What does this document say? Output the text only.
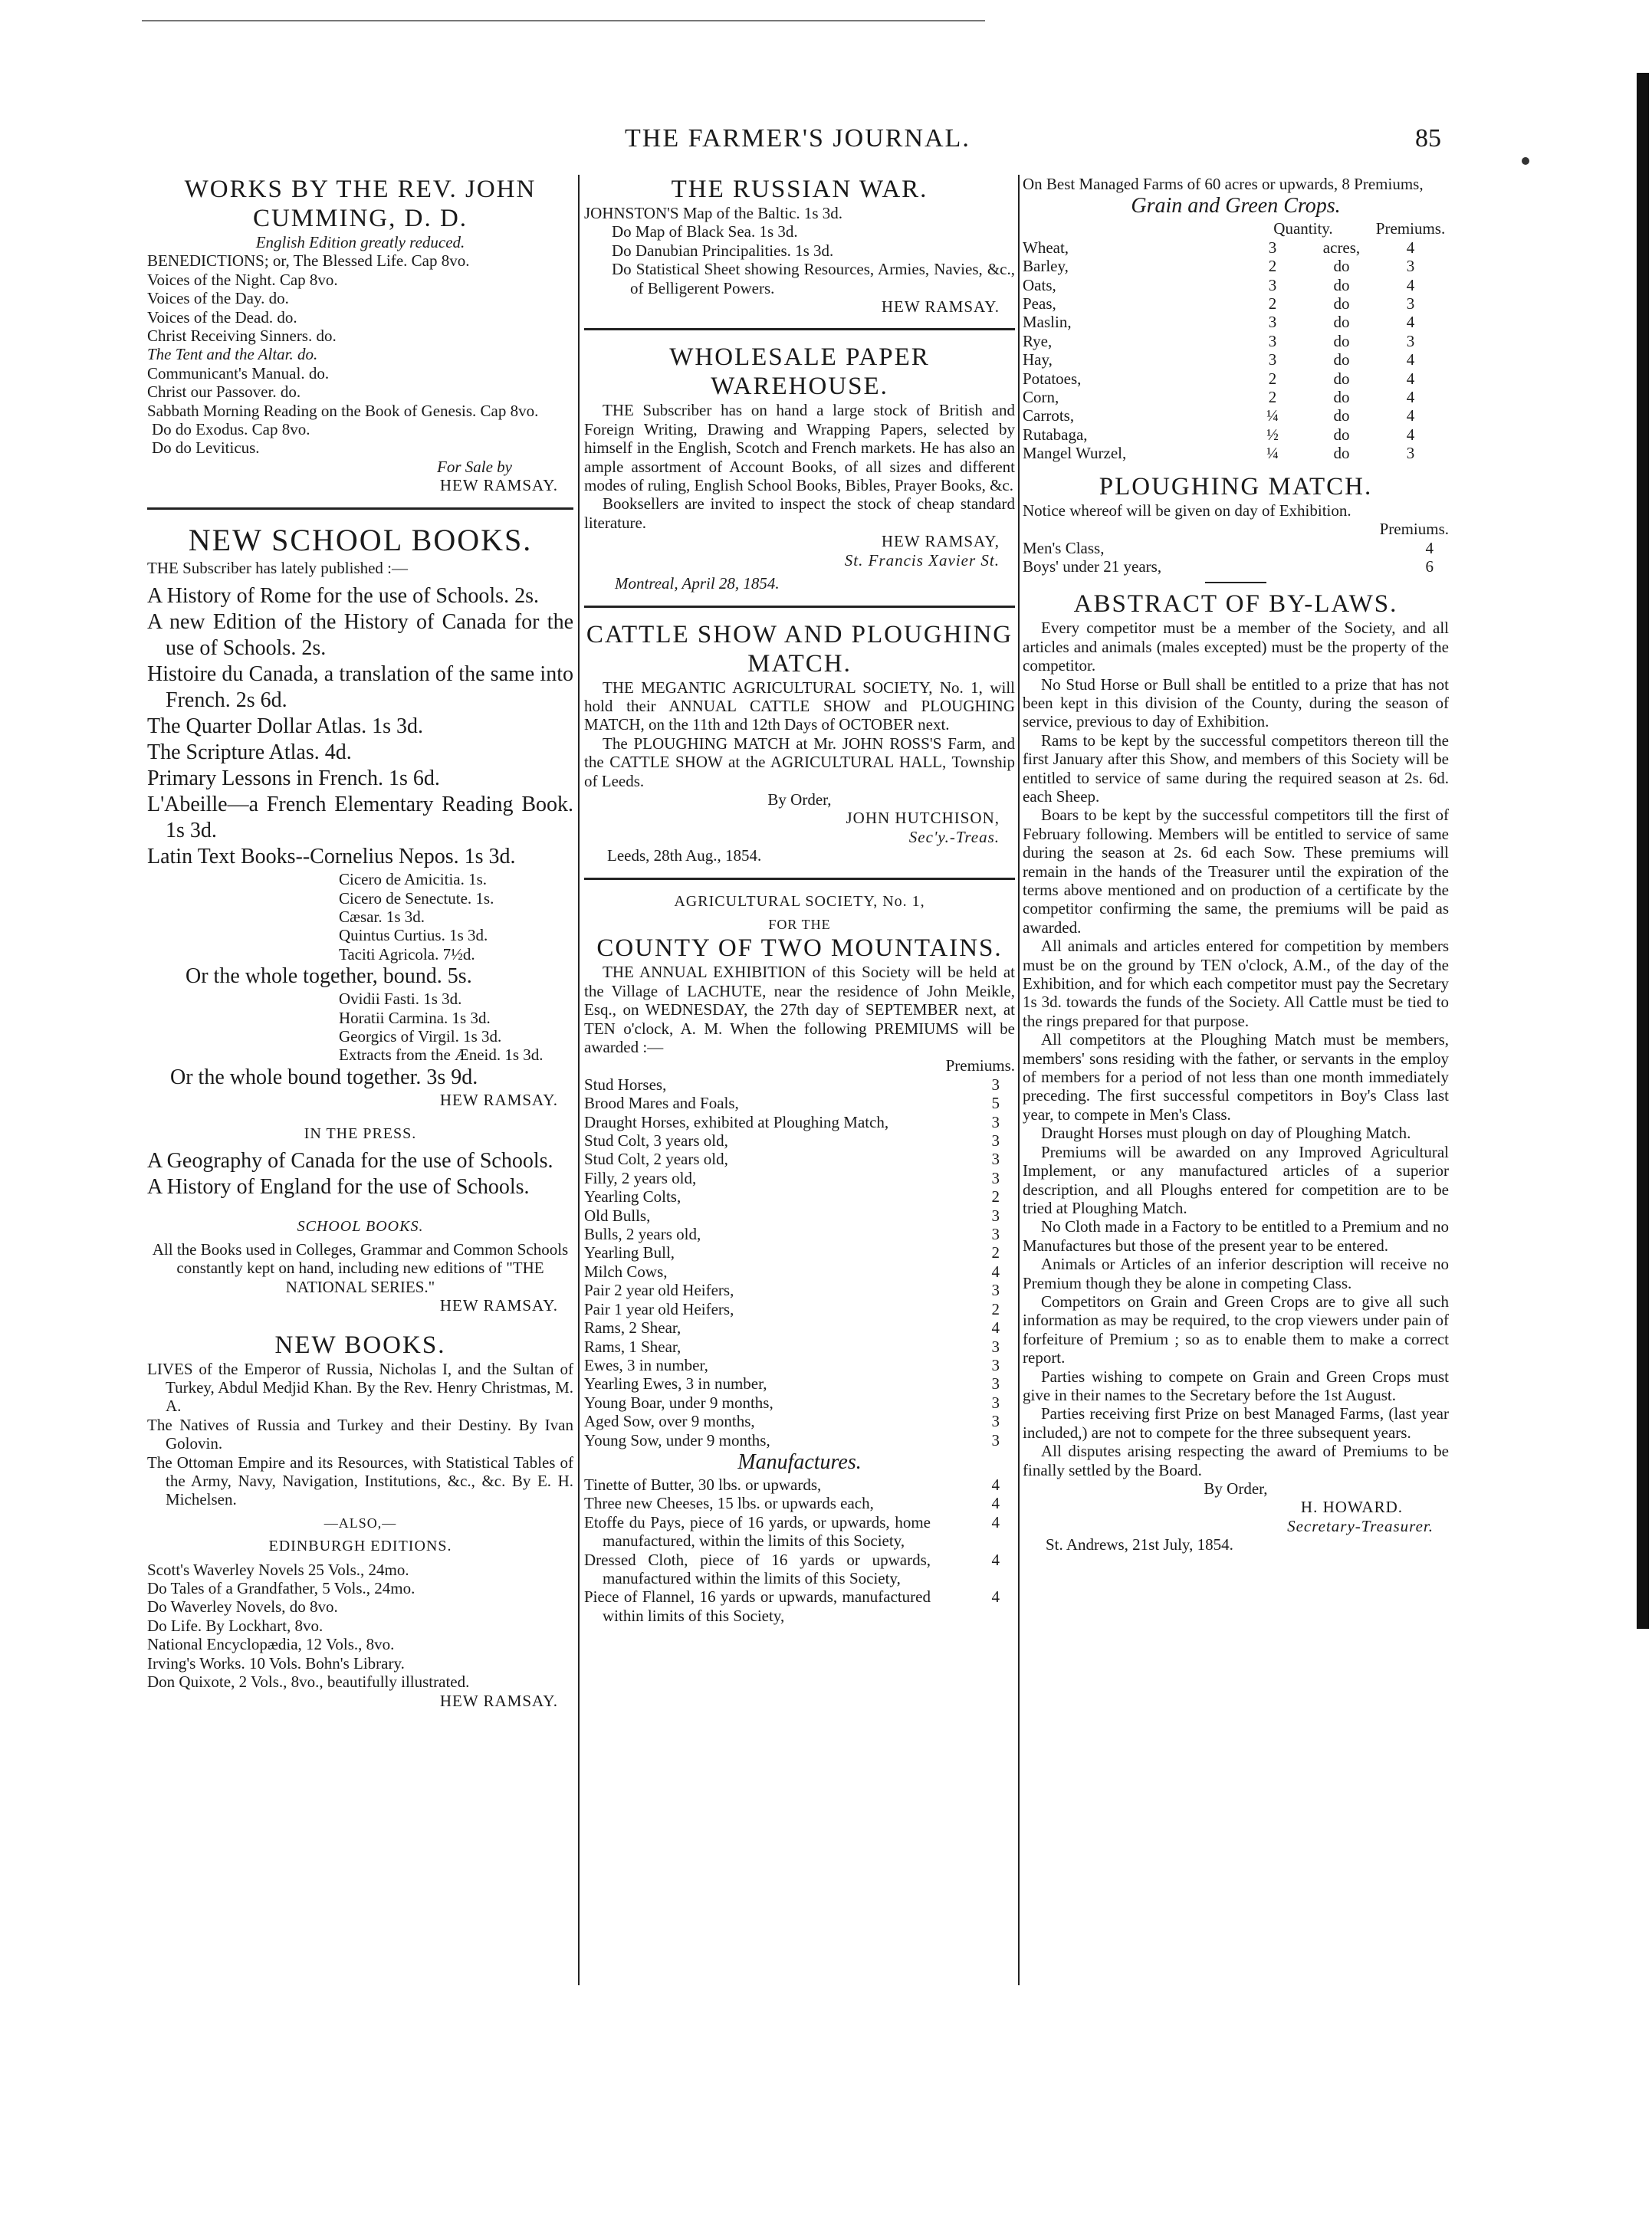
THE FARMER'S JOURNAL.	85
WORKS BY THE REV. JOHN CUMMING, D. D.
English Edition greatly reduced.

BENEDICTIONS; or, The Blessed Life. Cap 8vo.

Voices of the Night. Cap 8vo.

Voices of the Day. do.

Voices of the Dead. do.

Christ Receiving Sinners. do.

The Tent and the Altar. do.

Communicant's Manual. do.

Christ our Passover. do.

Sabbath Morning Reading on the Book of Genesis. Cap 8vo.

Do do Exodus. Cap 8vo.

Do do Leviticus.

For Sale by
HEW RAMSAY.
NEW SCHOOL BOOKS.

THE Subscriber has lately published :—

A History of Rome for the use of Schools. 2s.

A new Edition of the History of Canada for the use of Schools. 2s.

Histoire du Canada, a translation of the same into French. 2s 6d.

The Quarter Dollar Atlas. 1s 3d.

The Scripture Atlas. 4d.

Primary Lessons in French. 1s 6d.

L'Abeille—a French Elementary Reading Book. 1s 3d.

Latin Text Books--Cornelius Nepos. 1s 3d.

Cicero de Amicitia. 1s.

Cicero de Senectute. 1s.

Cæsar. 1s 3d.

Quintus Curtius. 1s 3d.

Taciti Agricola. 7½d.

Or the whole together, bound. 5s.

Ovidii Fasti. 1s 3d.

Horatii Carmina. 1s 3d.

Georgics of Virgil. 1s 3d.

Extracts from the Æneid. 1s 3d.

Or the whole bound together. 3s 9d.

HEW RAMSAY.
IN THE PRESS.

A Geography of Canada for the use of Schools.

A History of England for the use of Schools.

SCHOOL BOOKS.

All the Books used in Colleges, Grammar and Common Schools constantly kept on hand, including new editions of "THE NATIONAL SERIES."

HEW RAMSAY.
NEW BOOKS.

LIVES of the Emperor of Russia, Nicholas I, and the Sultan of Turkey, Abdul Medjid Khan. By the Rev. Henry Christmas, M. A.

The Natives of Russia and Turkey and their Destiny. By Ivan Golovin.

The Ottoman Empire and its Resources, with Statistical Tables of the Army, Navy, Navigation, Institutions, &c., &c. By E. H. Michelsen.

—ALSO,—
EDINBURGH EDITIONS.

Scott's Waverley Novels 25 Vols., 24mo.

Do Tales of a Grandfather, 5 Vols., 24mo.

Do Waverley Novels, do 8vo.

Do Life. By Lockhart, 8vo.

National Encyclopædia, 12 Vols., 8vo.

Irving's Works. 10 Vols. Bohn's Library.

Don Quixote, 2 Vols., 8vo., beautifully illustrated.

HEW RAMSAY.
THE RUSSIAN WAR.

JOHNSTON'S Map of the Baltic. 1s 3d.

Do Map of Black Sea. 1s 3d.

Do Danubian Principalities. 1s 3d.

Do Statistical Sheet showing Resources, Armies, Navies, &c., of Belligerent Powers.

HEW RAMSAY.
WHOLESALE PAPER WAREHOUSE.

THE Subscriber has on hand a large stock of British and Foreign Writing, Drawing and Wrapping Papers, selected by himself in the English, Scotch and French markets. He has also an ample assortment of Account Books, of all sizes and different modes of ruling, English School Books, Bibles, Prayer Books, &c.

Booksellers are invited to inspect the stock of cheap standard literature.

HEW RAMSAY,
St. Francis Xavier St.

Montreal, April 28, 1854.

CATTLE SHOW AND PLOUGHING MATCH.

THE MEGANTIC AGRICULTURAL SOCIETY, No. 1, will hold their ANNUAL CATTLE SHOW and PLOUGHING MATCH, on the 11th and 12th Days of OCTOBER next.

The PLOUGHING MATCH at Mr. JOHN ROSS'S Farm, and the CATTLE SHOW at the AGRICULTURAL HALL, Township of Leeds.

By Order,

JOHN HUTCHISON,
Sec'y.-Treas.

Leeds, 28th Aug., 1854.

AGRICULTURAL SOCIETY, No. 1,
FOR THE
COUNTY OF TWO MOUNTAINS.

THE ANNUAL EXHIBITION of this Society will be held at the Village of LACHUTE, near the residence of John Meikle, Esq., on WEDNESDAY, the 27th day of SEPTEMBER next, at TEN o'clock, A. M. When the following PREMIUMS will be awarded :—

Premiums.
Stud Horses,	3
Brood Mares and Foals,	5
Draught Horses, exhibited at Ploughing Match,	3
Stud Colt, 3 years old,	3
Stud Colt, 2 years old,	3
Filly, 2 years old,	3
Yearling Colts,	2
Old Bulls,	3
Bulls, 2 years old,	3
Yearling Bull,	2
Milch Cows,	4
Pair 2 year old Heifers,	3
Pair 1 year old Heifers,	2
Rams, 2 Shear,	4
Rams, 1 Shear,	3
Ewes, 3 in number,	3
Yearling Ewes, 3 in number,	3
Young Boar, under 9 months,	3
Aged Sow, over 9 months,	3
Young Sow, under 9 months,	3
Manufactures.
Tinette of Butter, 30 lbs. or upwards,	4
Three new Cheeses, 15 lbs. or upwards each,	4
Etoffe du Pays, piece of 16 yards, or upwards, home manufactured, within the limits of this Society,
4
Dressed Cloth, piece of 16 yards or upwards, manufactured within the limits of this Society,
4
Piece of Flannel, 16 yards or upwards, manufactured within limits of this Society,
4

On Best Managed Farms of 60 acres or upwards, 8 Premiums,

Grain and Green Crops.
Quantity.	Premiums.
Wheat,	3	acres,	4
Barley,	2	do	3
Oats,	3	do	4
Peas,	2	do	3
Maslin,	3	do	4
Rye,	3	do	3
Hay,	3	do	4
Potatoes,	2	do	4
Corn,	2	do	4
Carrots,	¼	do	4
Rutabaga,	½	do	4
Mangel Wurzel,	¼	do	3
PLOUGHING MATCH.

Notice whereof will be given on day of Exhibition.

Premiums.
Men's Class,	4
Boys' under 21 years,	6
ABSTRACT OF BY-LAWS.

Every competitor must be a member of the Society, and all articles and animals (males excepted) must be the property of the competitor.

No Stud Horse or Bull shall be entitled to a prize that has not been kept in this division of the County, during the season of service, previous to day of Exhibition.

Rams to be kept by the successful competitors thereon till the first January after this Show, and members of this Society will be entitled to service of same during the required season at 2s. 6d. each Sheep.

Boars to be kept by the successful competitors till the first of February following. Members will be entitled to service of same during the season at 2s. 6d each Sow. These premiums will remain in the hands of the Treasurer until the expiration of the terms above mentioned and on production of a certificate by the competitor confirming the same, the premiums will be paid as awarded.

All animals and articles entered for competition by members must be on the ground by TEN o'clock, A.M., of the day of the Exhibition, and for which each competitor must pay the Secretary 1s 3d. towards the funds of the Society. All Cattle must be tied to the rings prepared for that purpose.

All competitors at the Ploughing Match must be members, members' sons residing with the father, or servants in the employ of members for a period of not less than one month immediately preceding. The first successful competitors in Boy's Class last year, to compete in Men's Class.

Draught Horses must plough on day of Ploughing Match.

Premiums will be awarded on any Improved Agricultural Implement, or any manufactured articles of a superior description, and all Ploughs entered for competition are to be tried at Ploughing Match.

No Cloth made in a Factory to be entitled to a Premium and no Manufactures but those of the present year to be entered.

Animals or Articles of an inferior description will receive no Premium though they be alone in competing Class.

Competitors on Grain and Green Crops are to give all such information as may be required, to the crop viewers under pain of forfeiture of Premium ; so as to enable them to make a correct report.

Parties wishing to compete on Grain and Green Crops must give in their names to the Secretary before the 1st August.

Parties receiving first Prize on best Managed Farms, (last year included,) are not to compete for the three subsequent years.

All disputes arising respecting the award of Premiums to be finally settled by the Board.

By Order,

H. HOWARD.
Secretary-Treasurer.

St. Andrews, 21st July, 1854.
